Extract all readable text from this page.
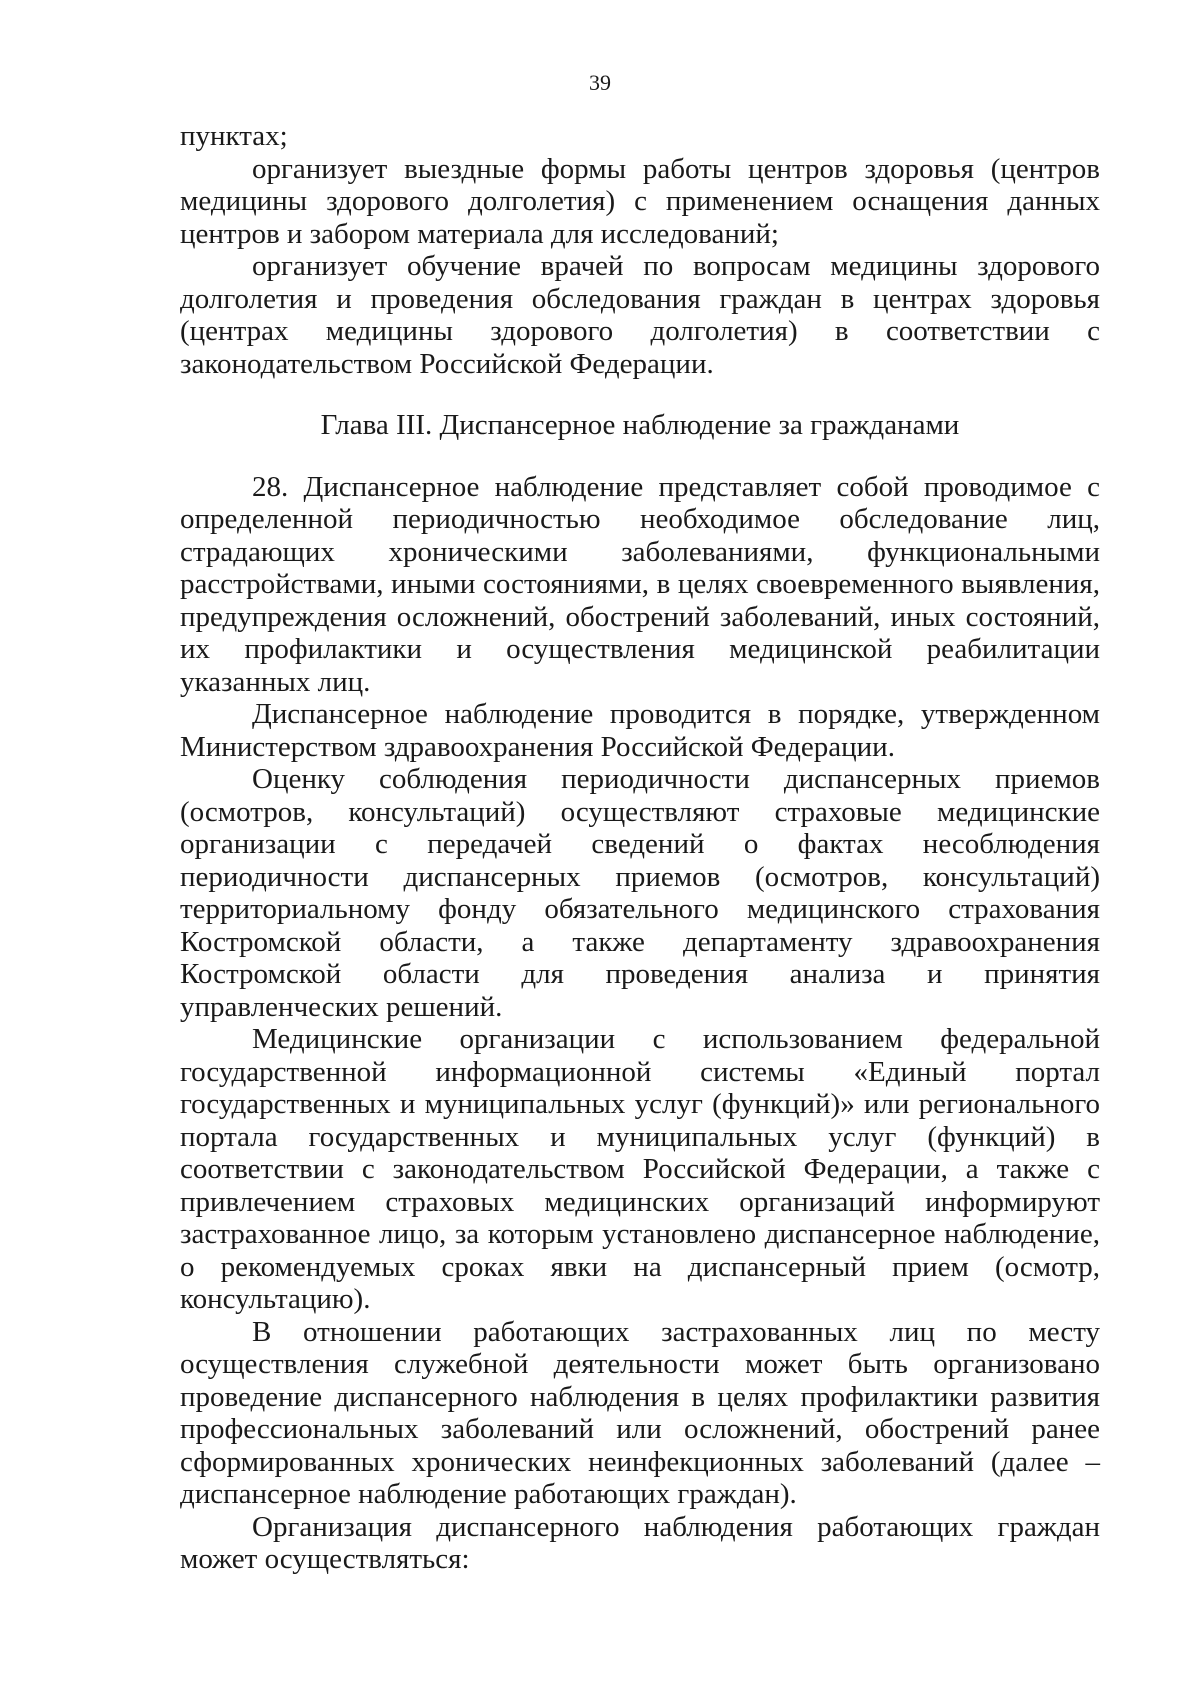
39

пунктах;

организует выездные формы работы центров здоровья (центров медицины здорового долголетия) с применением оснащения данных центров и забором материала для исследований;

организует обучение врачей по вопросам медицины здорового долголетия и проведения обследования граждан в центрах здоровья (центрах медицины здорового долголетия) в соответствии с законодательством Российской Федерации.

Глава III. Диспансерное наблюдение за гражданами

28. Диспансерное наблюдение представляет собой проводимое с определенной периодичностью необходимое обследование лиц, страдающих хроническими заболеваниями, функциональными расстройствами, иными состояниями, в целях своевременного выявления, предупреждения осложнений, обострений заболеваний, иных состояний, их профилактики и осуществления медицинской реабилитации указанных лиц.

Диспансерное наблюдение проводится в порядке, утвержденном Министерством здравоохранения Российской Федерации.

Оценку соблюдения периодичности диспансерных приемов (осмотров, консультаций) осуществляют страховые медицинские организации с передачей сведений о фактах несоблюдения периодичности диспансерных приемов (осмотров, консультаций) территориальному фонду обязательного медицинского страхования Костромской области, а также департаменту здравоохранения Костромской области для проведения анализа и принятия управленческих решений.

Медицинские организации с использованием федеральной государственной информационной системы «Единый портал государственных и муниципальных услуг (функций)» или регионального портала государственных и муниципальных услуг (функций) в соответствии с законодательством Российской Федерации, а также с привлечением страховых медицинских организаций информируют застрахованное лицо, за которым установлено диспансерное наблюдение, о рекомендуемых сроках явки на диспансерный прием (осмотр, консультацию).

В отношении работающих застрахованных лиц по месту осуществления служебной деятельности может быть организовано проведение диспансерного наблюдения в целях профилактики развития профессиональных заболеваний или осложнений, обострений ранее сформированных хронических неинфекционных заболеваний (далее – диспансерное наблюдение работающих граждан).

Организация диспансерного наблюдения работающих граждан может осуществляться:
